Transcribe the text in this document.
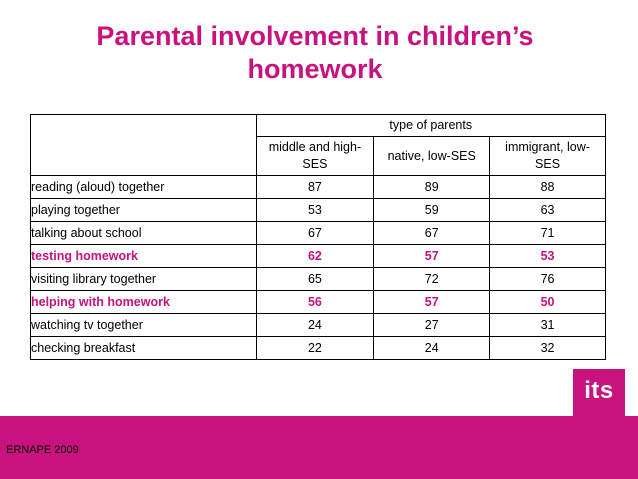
Parental involvement in children’s homework
	type of parents		
	middle and high-SES	native, low-SES	immigrant, low-SES
reading (aloud) together	87	89	88
playing together	53	59	63
talking about school	67	67	71
testing homework	62	57	53
visiting library together	65	72	76
helping with homework	56	57	50
watching tv together	24	27	31
checking breakfast	22	24	32
its
ERNAPE 2009
